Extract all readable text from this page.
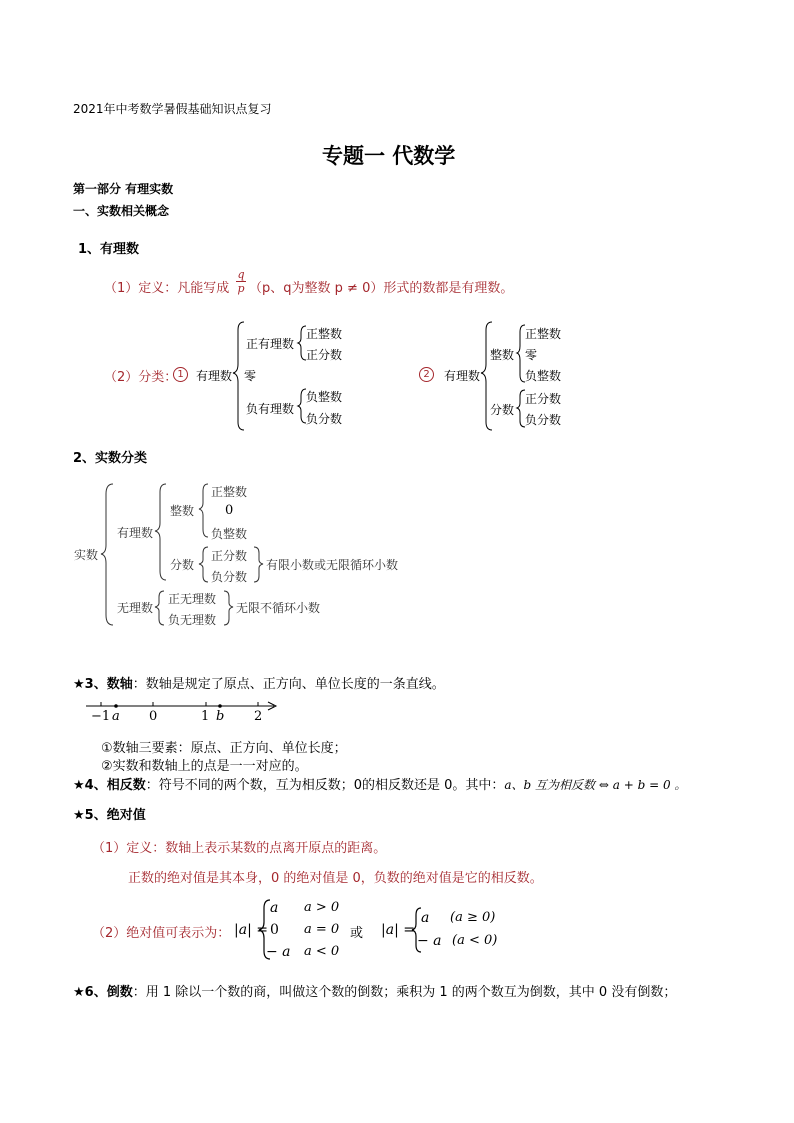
2021年中考数学暑假基础知识点复习
专题一 代数学
第一部分 有理实数
一、实数相关概念
1、有理数
（1）定义：凡能写成
q
p （p、q为整数 p ≠ 0）形式的数都是有理数。
（2）分类： 1	有理数
正有理数
正整数
正分数
零
负有理数
负整数
负分数
2	有理数
整数
正整数
零
负整数
分数
正分数
负分数
2、实数分类
实数
有理数
整数
正整数
0
负整数
分数
正分数
负分数
有限小数或无限循环小数
无理数
正无理数
负无理数
无限不循环小数
★3、数轴：数轴是规定了原点、正方向、单位长度的一条直线。
−1 a 0	1 b 2
①数轴三要素：原点、正方向、单位长度；
②实数和数轴上的点是一一对应的。
★4、相反数：符号不同的两个数，互为相反数；0的相反数还是 0。其中：a、b 互为相反数 ⇔ a + b = 0 。
★5、绝对值
（1）定义：数轴上表示某数的点离开原点的距离。
正数的绝对值是其本身，0 的绝对值是 0，负数的绝对值是它的相反数。
（2）绝对值可表示为： |a| =
a a > 0
0 a = 0
− a a < 0
或 |a| =
a (a ≥ 0)
− a (a < 0)
★6、倒数：用 1 除以一个数的商，叫做这个数的倒数；乘积为 1 的两个数互为倒数，其中 0 没有倒数；
